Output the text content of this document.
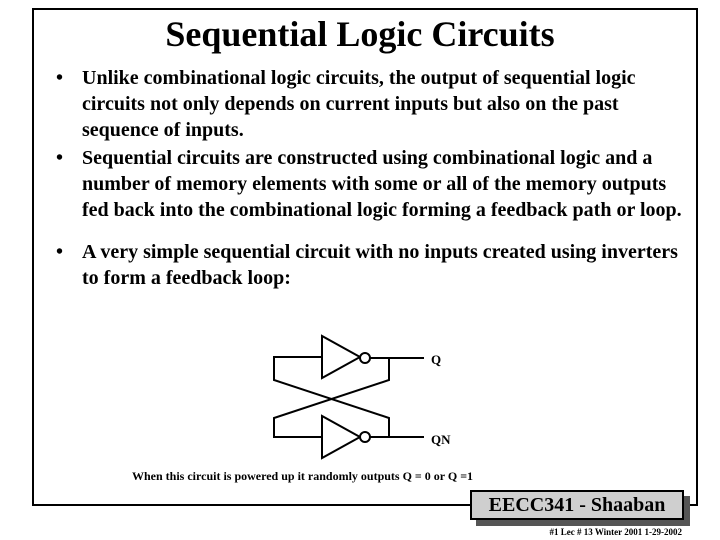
Sequential Logic Circuits
• Unlike combinational logic circuits, the output of sequential logic circuits not only depends on current inputs but also on the past sequence of inputs.
• Sequential circuits are constructed using combinational logic and a number of memory elements with some or all of the memory outputs fed back into the combinational logic forming a feedback path or loop.
• A very simple sequential circuit with no inputs created using inverters to form a feedback loop:
Q
QN
When this circuit is powered up it randomly outputs Q = 0 or Q =1
EECC341 - Shaaban
#1 Lec # 13 Winter 2001 1-29-2002
